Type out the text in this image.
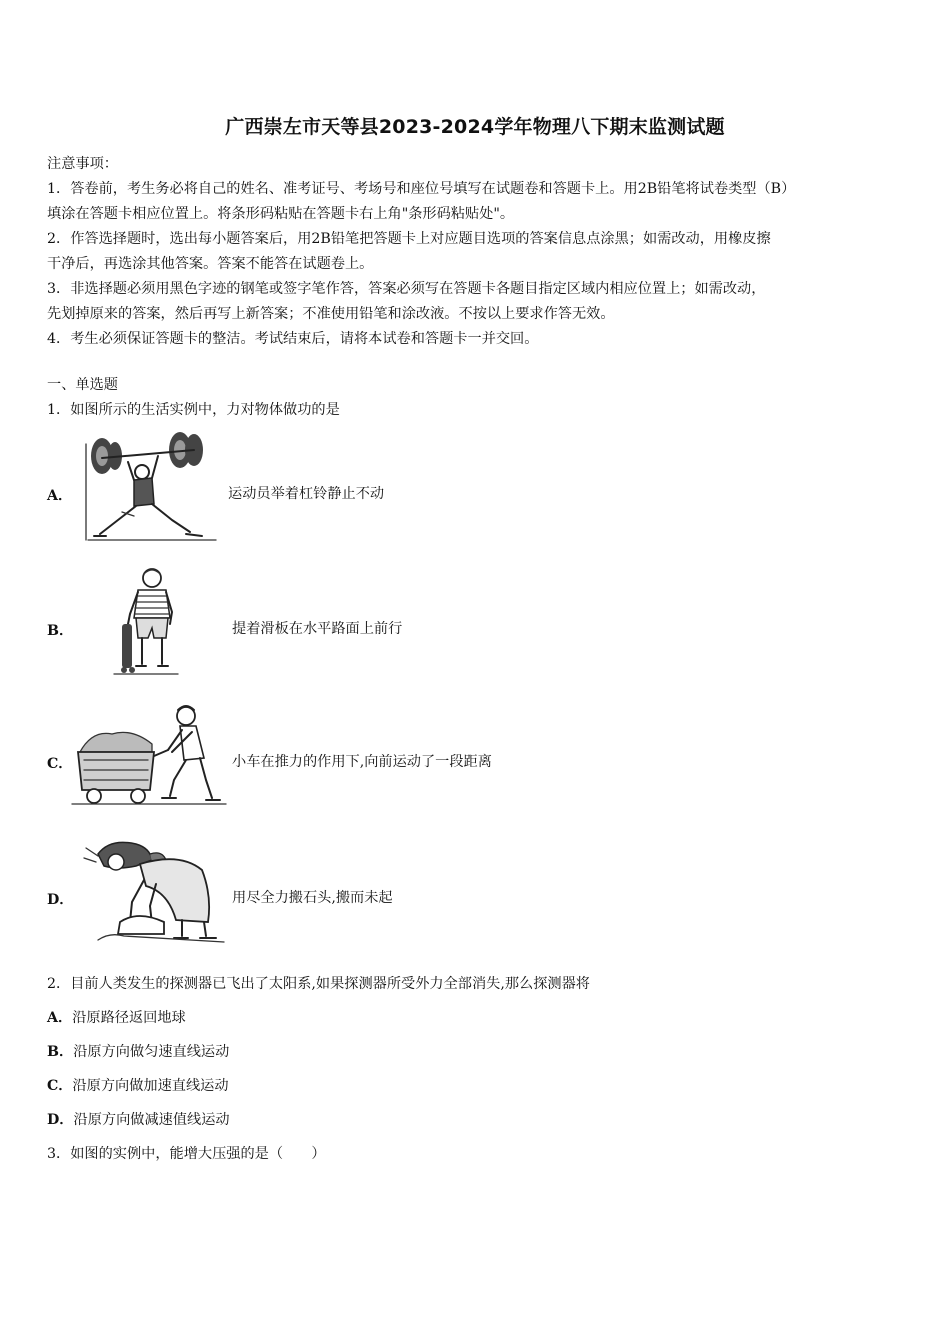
广西崇左市天等县2023-2024学年物理八下期末监测试题
注意事项：
1．答卷前，考生务必将自己的姓名、准考证号、考场号和座位号填写在试题卷和答题卡上。用2B铅笔将试卷类型（B）
填涂在答题卡相应位置上。将条形码粘贴在答题卡右上角"条形码粘贴处"。
2．作答选择题时，选出每小题答案后，用2B铅笔把答题卡上对应题目选项的答案信息点涂黑；如需改动，用橡皮擦
干净后，再选涂其他答案。答案不能答在试题卷上。
3．非选择题必须用黑色字迹的钢笔或签字笔作答，答案必须写在答题卡各题目指定区域内相应位置上；如需改动，
先划掉原来的答案，然后再写上新答案；不准使用铅笔和涂改液。不按以上要求作答无效。
4．考生必须保证答题卡的整洁。考试结束后，请将本试卷和答题卡一并交回。
一、单选题
1．如图所示的生活实例中，力对物体做功的是
A．	运动员举着杠铃静止不动
B．	提着滑板在水平路面上前行
C．	小车在推力的作用下,向前运动了一段距离
D．	用尽全力搬石头,搬而未起
2．目前人类发生的探测器已飞出了太阳系,如果探测器所受外力全部消失,那么探测器将
A．沿原路径返回地球
B．沿原方向做匀速直线运动
C．沿原方向做加速直线运动
D．沿原方向做减速值线运动
3．如图的实例中，能增大压强的是（　　）
